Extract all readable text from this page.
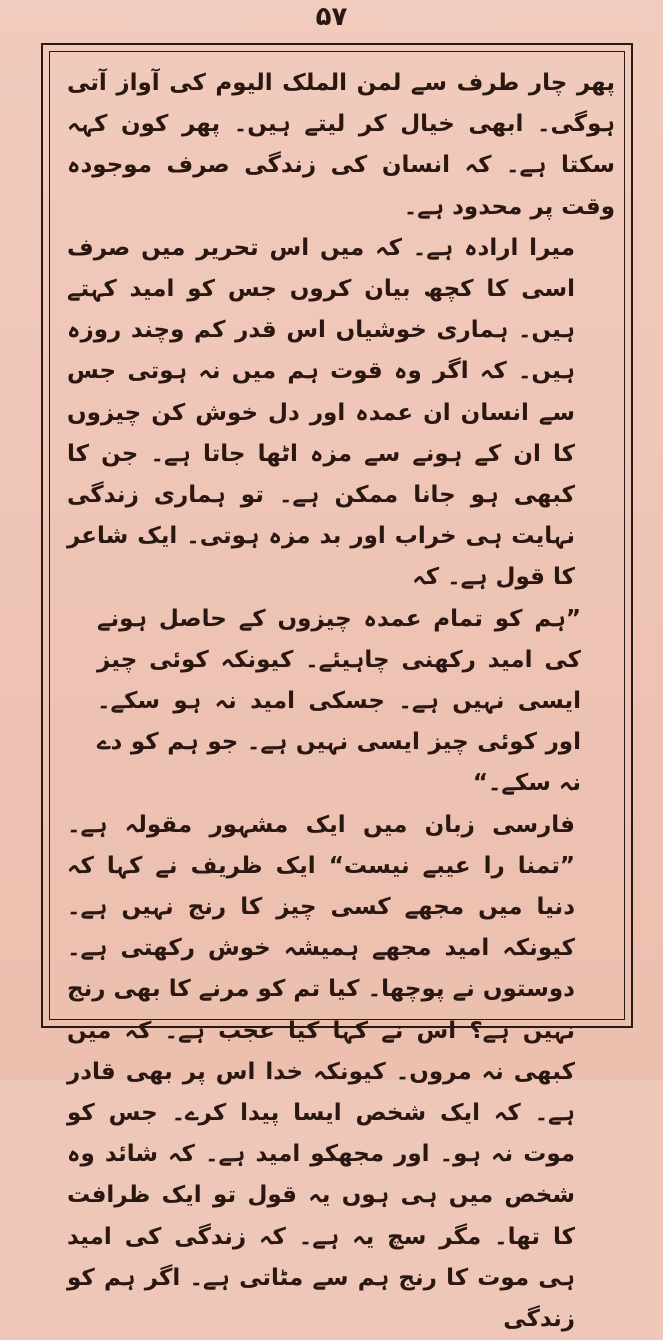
۵۷

پھر چار طرف سے لمن الملک الیوم کی آواز آتی ہوگی۔ ابھی خیال کر لیتے ہیں۔ پھر کون کہہ سکتا ہے۔ کہ انسان کی زندگی صرف موجودہ وقت پر محدود ہے۔

میرا ارادہ ہے۔ کہ میں اس تحریر میں صرف اسی کا کچھ بیان کروں جس کو امید کہتے ہیں۔ ہماری خوشیاں اس قدر کم وچند روزہ ہیں۔ کہ اگر وہ قوت ہم میں نہ ہوتی جس سے انسان ان عمدہ اور دل خوش کن چیزوں کا ان کے ہونے سے مزہ اٹھا جاتا ہے۔ جن کا کبھی ہو جانا ممکن ہے۔ تو ہماری زندگی نہایت ہی خراب اور بد مزہ ہوتی۔ ایک شاعر کا قول ہے۔ کہ

”ہم کو تمام عمدہ چیزوں کے حاصل ہونے کی امید رکھنی چاہیئے۔ کیونکہ کوئی چیز ایسی نہیں ہے۔ جسکی امید نہ ہو سکے۔ اور کوئی چیز ایسی نہیں ہے۔ جو ہم کو دے نہ سکے۔“

فارسی زبان میں ایک مشہور مقولہ ہے۔ ”تمنا را عیبے نیست“ ایک ظریف نے کہا کہ دنیا میں مجھے کسی چیز کا رنج نہیں ہے۔ کیونکہ امید مجھے ہمیشہ خوش رکھتی ہے۔ دوستوں نے پوچھا۔ کیا تم کو مرنے کا بھی رنج نہیں ہے؟ اس نے کہا کیا عجب ہے۔ کہ میں کبھی نہ مروں۔ کیونکہ خدا اس پر بھی قادر ہے۔ کہ ایک شخص ایسا پیدا کرے۔ جس کو موت نہ ہو۔ اور مجھکو امید ہے۔ کہ شائد وہ شخص میں ہی ہوں یہ قول تو ایک ظرافت کا تھا۔ مگر سچ یہ ہے۔ کہ زندگی کی امید ہی موت کا رنج ہم سے مٹاتی ہے۔ اگر ہم کو زندگی
